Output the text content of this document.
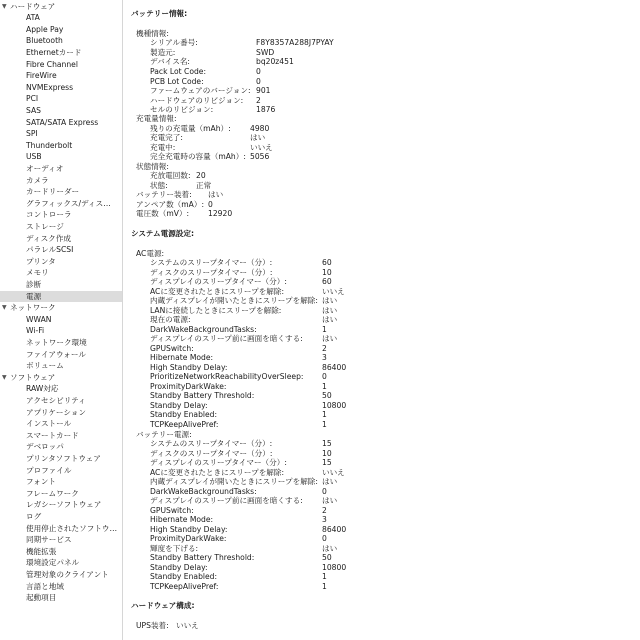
▼ ハードウェア
ATA
Apple Pay
Bluetooth
Ethernetカード
Fibre Channel
FireWire
NVMExpress
PCI
SAS
SATA/SATA Express
SPI
Thunderbolt
USB
オーディオ
カメラ
カードリーダー
グラフィックス/ディス…
コントローラ
ストレージ
ディスク作成
パラレルSCSI
プリンタ
メモリ
診断
電源
▼ ネットワーク
WWAN
Wi-Fi
ネットワーク環境
ファイアウォール
ボリューム
▼ ソフトウェア
RAW対応
アクセシビリティ
アプリケーション
インストール
スマートカード
デベロッパ
プリンタソフトウェア
プロファイル
フォント
フレームワーク
レガシーソフトウェア
ログ
使用停止されたソフトウ…
同期サービス
機能拡張
環境設定パネル
管理対象のクライアント
言語と地域
起動項目
バッテリー情報:
機種情報:
シリアル番号:	F8Y8357A288J7PYAY
製造元:	SWD
デバイス名:	bq20z451
Pack Lot Code:	0
PCB Lot Code:	0
ファームウェアのバージョン: 901
ハードウェアのリビジョン: 2
セルのリビジョン:	1876
充電量情報:
残りの充電量（mAh）:	4980
充電完了:	はい
充電中:	いいえ
完全充電時の容量（mAh）: 5056
状態情報:
充放電回数: 20
状態:	正常
バッテリー装着: はい
アンペア数（mA）: 0
電圧数（mV）: 12920
システム電源設定:
AC電源:
システムのスリープタイマー（分）:	60
ディスクのスリープタイマー（分）:	10
ディスプレイのスリープタイマー（分）:	60
ACに変更されたときにスリープを解除:	いいえ
内蔵ディスプレイが開いたときにスリープを解除: はい
LANに接続したときにスリープを解除:	はい
現在の電源:	はい
DarkWakeBackgroundTasks:	1
ディスプレイのスリープ前に画面を暗くする:	はい
GPUSwitch:	2
Hibernate Mode:	3
High Standby Delay:	86400
PrioritizeNetworkReachabilityOverSleep: 0
ProximityDarkWake:	1
Standby Battery Threshold:	50
Standby Delay:	10800
Standby Enabled:	1
TCPKeepAlivePref:	1
バッテリー電源:
システムのスリープタイマー（分）:	15
ディスクのスリープタイマー（分）:	10
ディスプレイのスリープタイマー（分）:	15
ACに変更されたときにスリープを解除:	いいえ
内蔵ディスプレイが開いたときにスリープを解除: はい
DarkWakeBackgroundTasks:	0
ディスプレイのスリープ前に画面を暗くする:	はい
GPUSwitch:	2
Hibernate Mode:	3
High Standby Delay:	86400
ProximityDarkWake:	0
輝度を下げる:	はい
Standby Battery Threshold:	50
Standby Delay:	10800
Standby Enabled:	1
TCPKeepAlivePref:	1
ハードウェア構成:
UPS装着: いいえ
